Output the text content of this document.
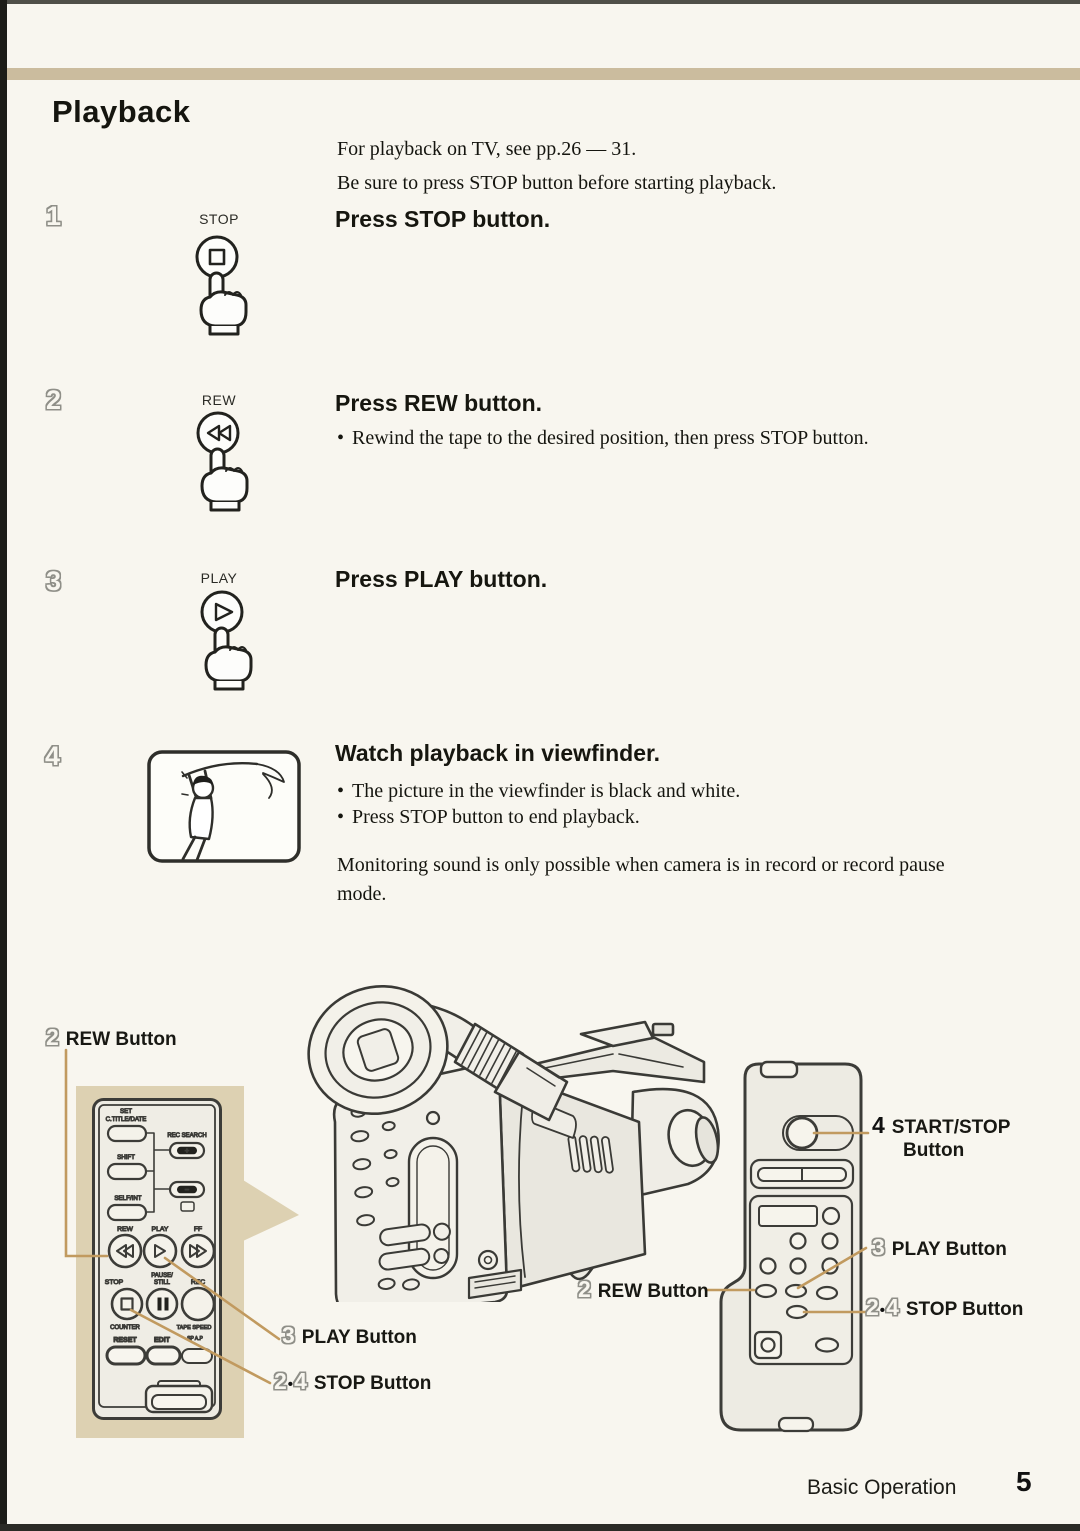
Playback
For playback on TV, see pp.26 — 31.
Be sure to press STOP button before starting playback.
1	STOP	Press STOP button.
2	REW	Press REW button.
• Rewind the tape to the desired position, then press STOP button.
3	PLAY	Press PLAY button.
4	Watch playback in viewfinder.
• The picture in the viewfinder is black and white.
• Press STOP button to end playback.
Monitoring sound is only possible when camera is in record or record pause
mode.
SET
C.TITLE/DATE
REC SEARCH
+
SHIFT
−
SELF/INT
REW	PLAY	FF
STOP
PAUSE/
STILL	REC
COUNTER	TAPE SPEED
RESET EDIT	SP A.P
2 REW Button
3 PLAY Button
2•4 STOP Button
2 REW Button
4 START/STOP
Button
3 PLAY Button
2•4 STOP Button
Basic Operation 5
